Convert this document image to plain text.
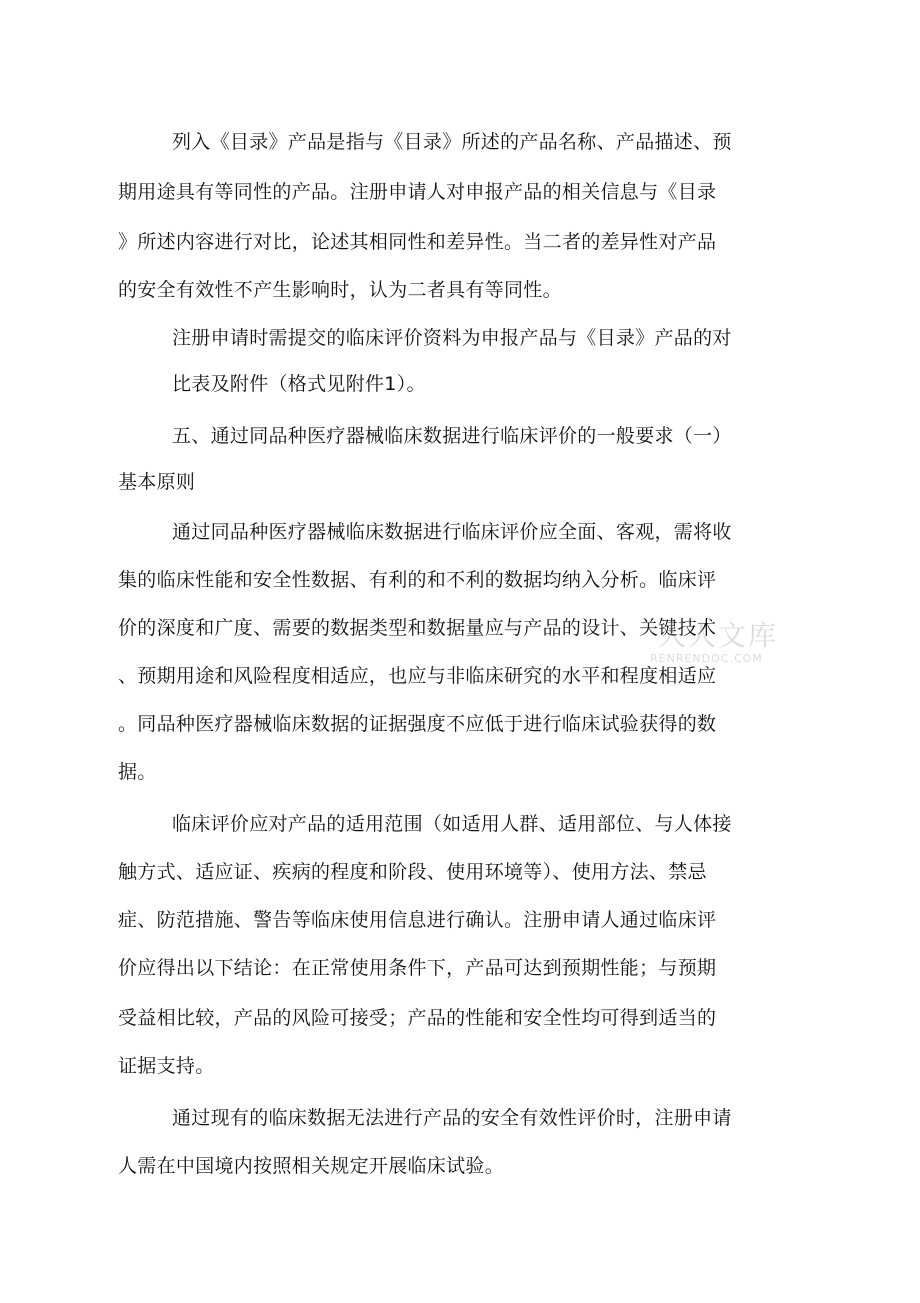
列入《目录》产品是指与《目录》所述的产品名称、产品描述、预
期用途具有等同性的产品。注册申请人对申报产品的相关信息与《目录
》所述内容进行对比，论述其相同性和差异性。当二者的差异性对产品
的安全有效性不产生影响时，认为二者具有等同性。
注册申请时需提交的临床评价资料为申报产品与《目录》产品的对
比表及附件（格式见附件1）。
五、通过同品种医疗器械临床数据进行临床评价的一般要求（一）
基本原则
通过同品种医疗器械临床数据进行临床评价应全面、客观，需将收
集的临床性能和安全性数据、有利的和不利的数据均纳入分析。临床评
价的深度和广度、需要的数据类型和数据量应与产品的设计、关键技术
、预期用途和风险程度相适应，也应与非临床研究的水平和程度相适应
。同品种医疗器械临床数据的证据强度不应低于进行临床试验获得的数
据。
临床评价应对产品的适用范围（如适用人群、适用部位、与人体接
触方式、适应证、疾病的程度和阶段、使用环境等）、使用方法、禁忌
症、防范措施、警告等临床使用信息进行确认。注册申请人通过临床评
价应得出以下结论：在正常使用条件下，产品可达到预期性能；与预期
受益相比较，产品的风险可接受；产品的性能和安全性均可得到适当的
证据支持。
通过现有的临床数据无法进行产品的安全有效性评价时，注册申请
人需在中国境内按照相关规定开展临床试验。
人人文库
RENRENDOC.COM
